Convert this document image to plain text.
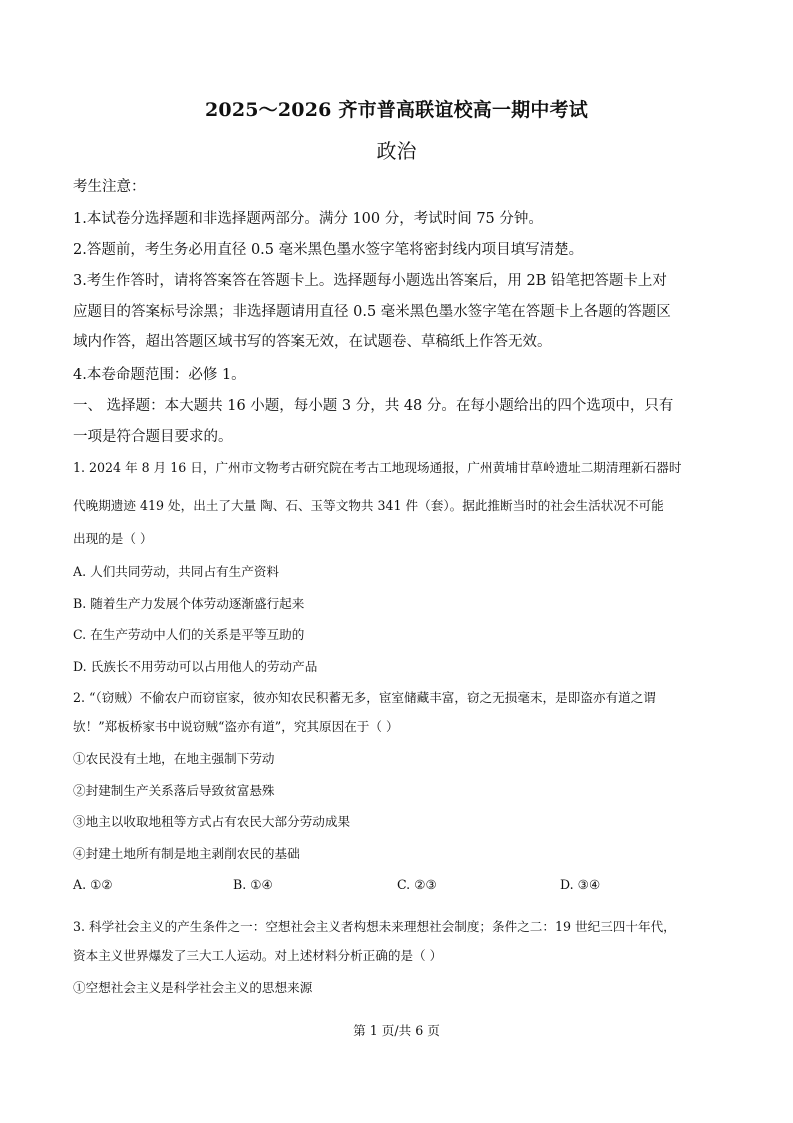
2025～2026 齐市普高联谊校高一期中考试
政治
考生注意：
1.本试卷分选择题和非选择题两部分。满分 100 分，考试时间 75 分钟。
2.答题前，考生务必用直径 0.5 毫米黑色墨水签字笔将密封线内项目填写清楚。
3.考生作答时，请将答案答在答题卡上。选择题每小题选出答案后，用 2B 铅笔把答题卡上对
应题目的答案标号涂黑；非选择题请用直径 0.5 毫米黑色墨水签字笔在答题卡上各题的答题区
域内作答，超出答题区域书写的答案无效，在试题卷、草稿纸上作答无效。
4.本卷命题范围：必修 1。
一、 选择题：本大题共 16 小题，每小题 3 分，共 48 分。在每小题给出的四个选项中，只有
一项是符合题目要求的。
1. 2024 年 8 月 16 日，广州市文物考古研究院在考古工地现场通报，广州黄埔甘草岭遗址二期清理新石器时
代晚期遗迹 419 处，出土了大量 陶、石、玉等文物共 341 件（套）。据此推断当时的社会生活状况不可能
出现的是（ ）
A. 人们共同劳动，共同占有生产资料
B. 随着生产力发展个体劳动逐渐盛行起来
C. 在生产劳动中人们的关系是平等互助的
D. 氏族长不用劳动可以占用他人的劳动产品
2. “（窃贼）不偷农户而窃宦家，彼亦知农民积蓄无多，宦室储藏丰富，窃之无损毫末，是即盗亦有道之谓
欤！”郑板桥家书中说窃贼“盗亦有道”，究其原因在于（ ）
①农民没有土地，在地主强制下劳动
②封建制生产关系落后导致贫富悬殊
③地主以收取地租等方式占有农民大部分劳动成果
④封建土地所有制是地主剥削农民的基础
A. ①②	B. ①④	C. ②③	D. ③④
3. 科学社会主义的产生条件之一：空想社会主义者构想未来理想社会制度；条件之二：19 世纪三四十年代，
资本主义世界爆发了三大工人运动。对上述材料分析正确的是（ ）
①空想社会主义是科学社会主义的思想来源
第 1 页/共 6 页
